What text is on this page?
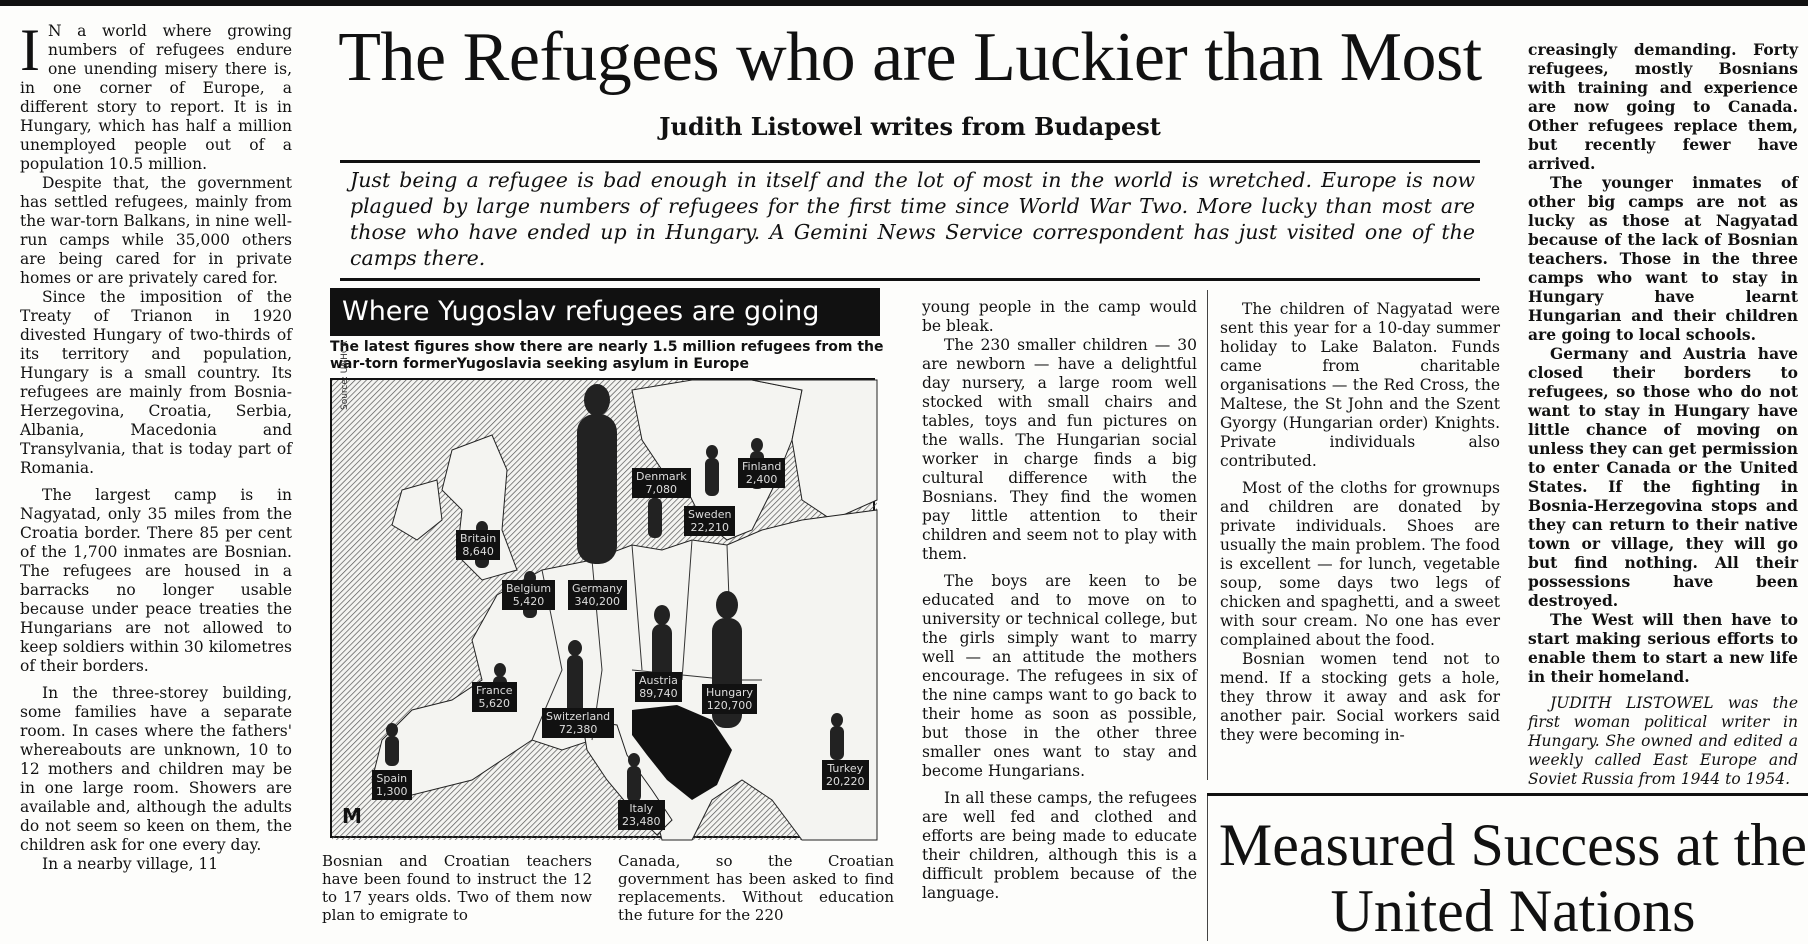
I N a world where growing numbers of refugees endure one unending misery there is, in one corner of Europe, a different story to report. It is in Hungary, which has half a million unemployed people out of a population 10.5 million.

Despite that, the government has settled refugees, mainly from the war-torn Balkans, in nine well-run camps while 35,000 others are being cared for in private homes or are privately cared for.

Since the imposition of the Treaty of Trianon in 1920 divested Hungary of two-thirds of its territory and population, Hungary is a small country. Its refugees are mainly from Bosnia-Herzegovina, Croatia, Serbia, Albania, Macedonia and Transylvania, that is today part of Romania.

The largest camp is in Nagyatad, only 35 miles from the Croatia border. There 85 per cent of the 1,700 inmates are Bosnian. The refugees are housed in a barracks no longer usable because under peace treaties the Hungarians are not allowed to keep soldiers within 30 kilometres of their borders.

In the three-storey building, some families have a separate room. In cases where the fathers' whereabouts are unknown, 10 to 12 mothers and children may be in one large room. Showers are available and, although the adults do not seem so keen on them, the children ask for one every day.

In a nearby village, 11

The Refugees who are Luckier than Most
Judith Listowel writes from Budapest
Just being a refugee is bad enough in itself and the lot of most in the world is wretched. Europe is now plagued by large numbers of refugees for the first time since World War Two. More lucky than most are those who have ended up in Hungary. A Gemini News Service correspondent has just visited one of the camps there.
Where Yugoslav refugees are going
The latest figures show there are nearly 1.5 million refugees from the war-torn formerYugoslavia seeking asylum in Europe
Source: UNHCR
Denmark
7,080
Finland
2,400
Sweden
22,210
Britain
8,640
Belgium
5,420
Germany
340,200
France
5,620
Switzerland
72,380
Austria
89,740	Hungary
120,700
Spain
1,300
Italy
23,480
Turkey
20,220
M

Bosnian and Croatian teachers have been found to instruct the 12 to 17 years olds. Two of them now plan to emigrate to

Canada, so the Croatian government has been asked to find replacements. Without education the future for the 220

young people in the camp would be bleak.

The 230 smaller children — 30 are newborn — have a delightful day nursery, a large room well stocked with small chairs and tables, toys and fun pictures on the walls. The Hungarian social worker in charge finds a big cultural difference with the Bosnians. They find the women pay little attention to their children and seem not to play with them.

The boys are keen to be educated and to move on to university or technical college, but the girls simply want to marry well — an attitude the mothers encourage. The refugees in six of the nine camps want to go back to their home as soon as possible, but those in the other three smaller ones want to stay and become Hungarians.

In all these camps, the refugees are well fed and clothed and efforts are being made to educate their children, although this is a difficult problem because of the language.

The children of Nagyatad were sent this year for a 10-day summer holiday to Lake Balaton. Funds came from charitable organisations — the Red Cross, the Maltese, the St John and the Szent Gyorgy (Hungarian order) Knights. Private individuals also contributed.

Most of the cloths for grownups and children are donated by private individuals. Shoes are usually the main problem. The food is excellent — for lunch, vegetable soup, some days two legs of chicken and spaghetti, and a sweet with sour cream. No one has ever complained about the food.

Bosnian women tend not to mend. If a stocking gets a hole, they throw it away and ask for another pair. Social workers said they were becoming in-

creasingly demanding. Forty refugees, mostly Bosnians with training and experience are now going to Canada. Other refugees replace them, but recently fewer have arrived.

The younger inmates of other big camps are not as lucky as those at Nagyatad because of the lack of Bosnian teachers. Those in the three camps who want to stay in Hungary have learnt Hungarian and their children are going to local schools.

Germany and Austria have closed their borders to refugees, so those who do not want to stay in Hungary have little chance of moving on unless they can get permission to enter Canada or the United States. If the fighting in Bosnia-Herzegovina stops and they can return to their native town or village, they will go but find nothing. All their possessions have been destroyed.

The West will then have to start making serious efforts to enable them to start a new life in their homeland.

JUDITH LISTOWEL was the first woman political writer in Hungary. She owned and edited a weekly called East Europe and Soviet Russia from 1944 to 1954.

Measured Success at the United Nations
